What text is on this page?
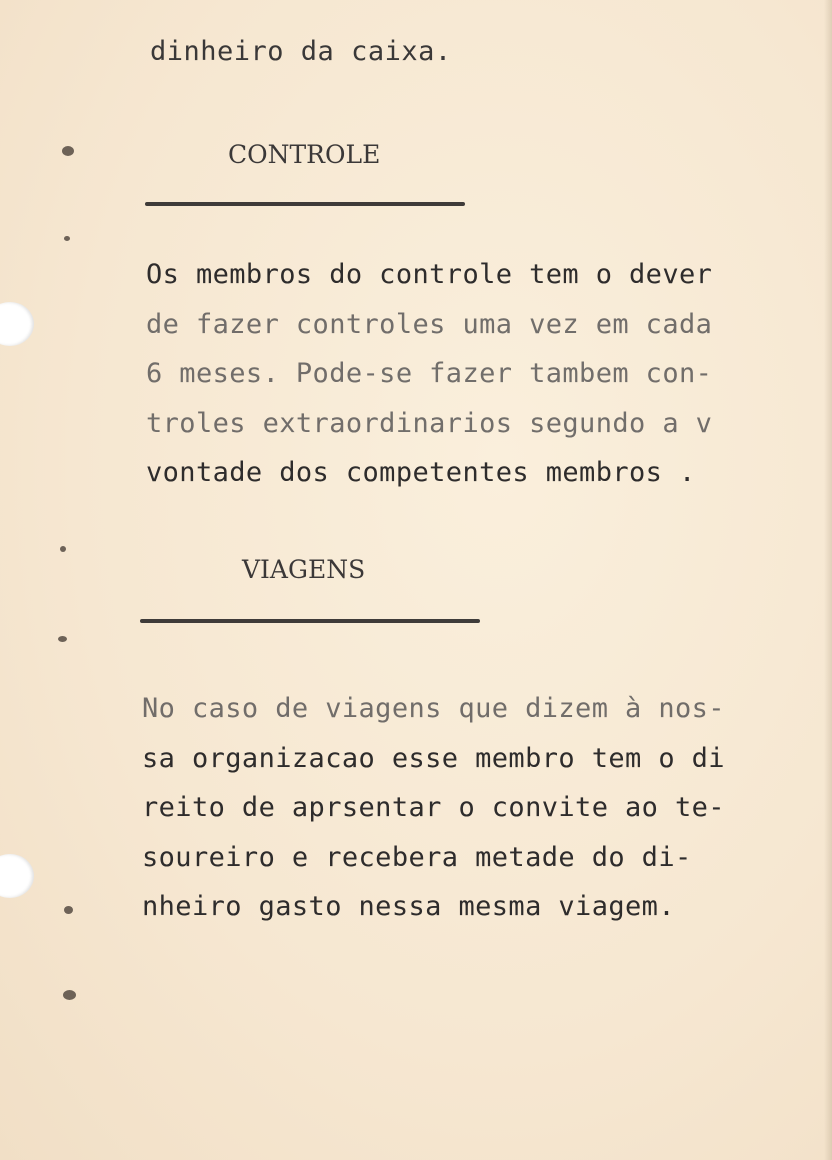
dinheiro da caixa.
CONTROLE
Os membros do controle tem o dever
de fazer controles uma vez em cada
6 meses. Pode-se fazer tambem con-
troles extraordinarios segundo a v
vontade dos competentes membros .
VIAGENS
No caso de viagens que dizem à nos-
sa organizacao esse membro tem o di
reito de aprsentar o convite ao te-
soureiro e recebera metade do di-
nheiro gasto nessa mesma viagem.
